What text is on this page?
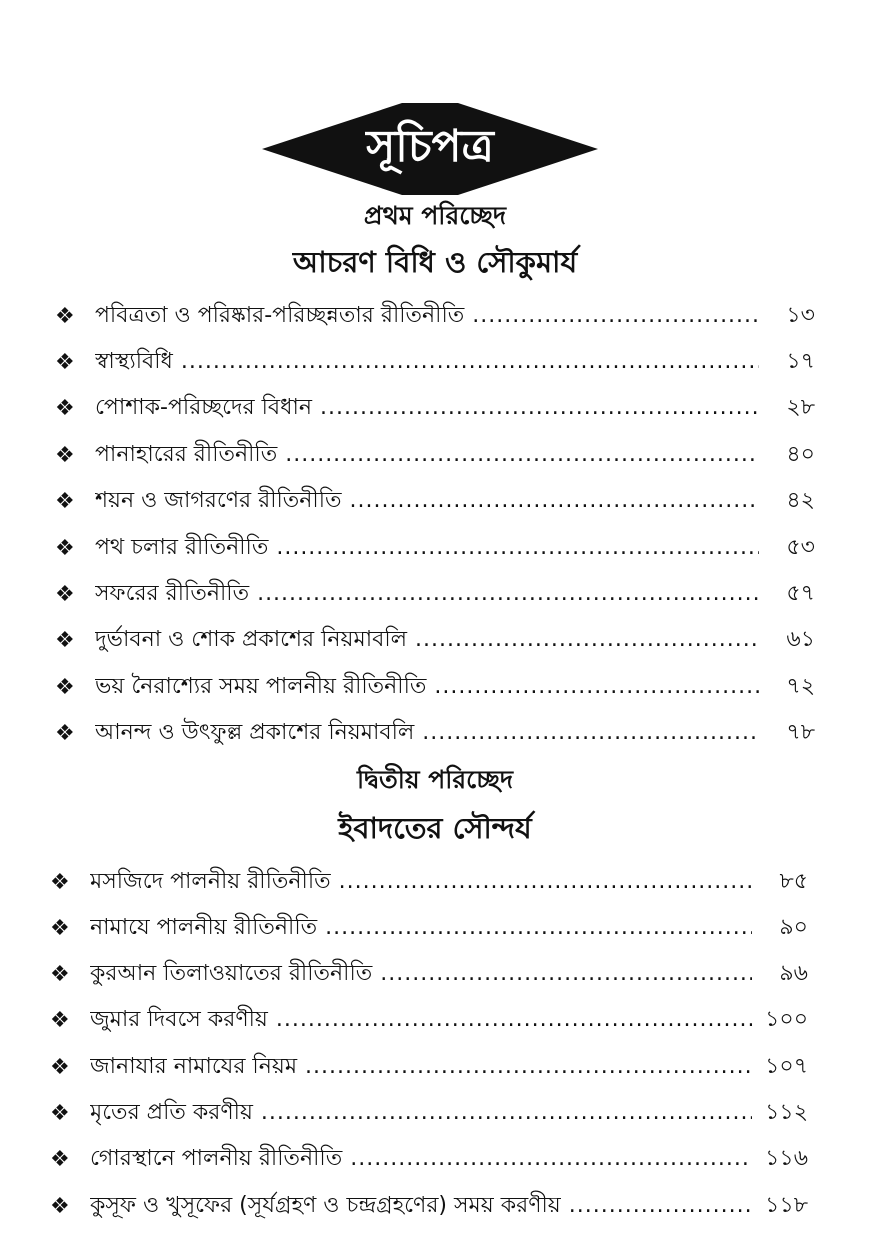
সূচিপত্র
প্রথম পরিচ্ছেদ
আচরণ বিধি ও সৌকুমার্য
❖ পবিত্রতা ও পরিষ্কার-পরিচ্ছন্নতার রীতিনীতি .....	১৩
❖ স্বাস্থ্যবিধি .....	১৭
❖ পোশাক-পরিচ্ছদের বিধান .....	২৮
❖ পানাহারের রীতিনীতি .....	৪০
❖ শয়ন ও জাগরণের রীতিনীতি .....	৪২
❖ পথ চলার রীতিনীতি .....	৫৩
❖ সফরের রীতিনীতি .....	৫৭
❖ দুর্ভাবনা ও শোক প্রকাশের নিয়মাবলি .....	৬১
❖ ভয় নৈরাশ্যের সময় পালনীয় রীতিনীতি .....	৭২
❖ আনন্দ ও উৎফুল্ল প্রকাশের নিয়মাবলি .....	৭৮
দ্বিতীয় পরিচ্ছেদ
ইবাদতের সৌন্দর্য
❖ মসজিদে পালনীয় রীতিনীতি .....	৮৫
❖ নামাযে পালনীয় রীতিনীতি .....	৯০
❖ কুরআন তিলাওয়াতের রীতিনীতি .....	৯৬
❖ জুমার দিবসে করণীয় .....	১০০
❖ জানাযার নামাযের নিয়ম .....	১০৭
❖ মৃতের প্রতি করণীয় .....	১১২
❖ গোরস্থানে পালনীয় রীতিনীতি .....	১১৬
❖ কুসূফ ও খুসূফের (সূর্যগ্রহণ ও চন্দ্রগ্রহণের) সময় করণীয় .....	১১৮
